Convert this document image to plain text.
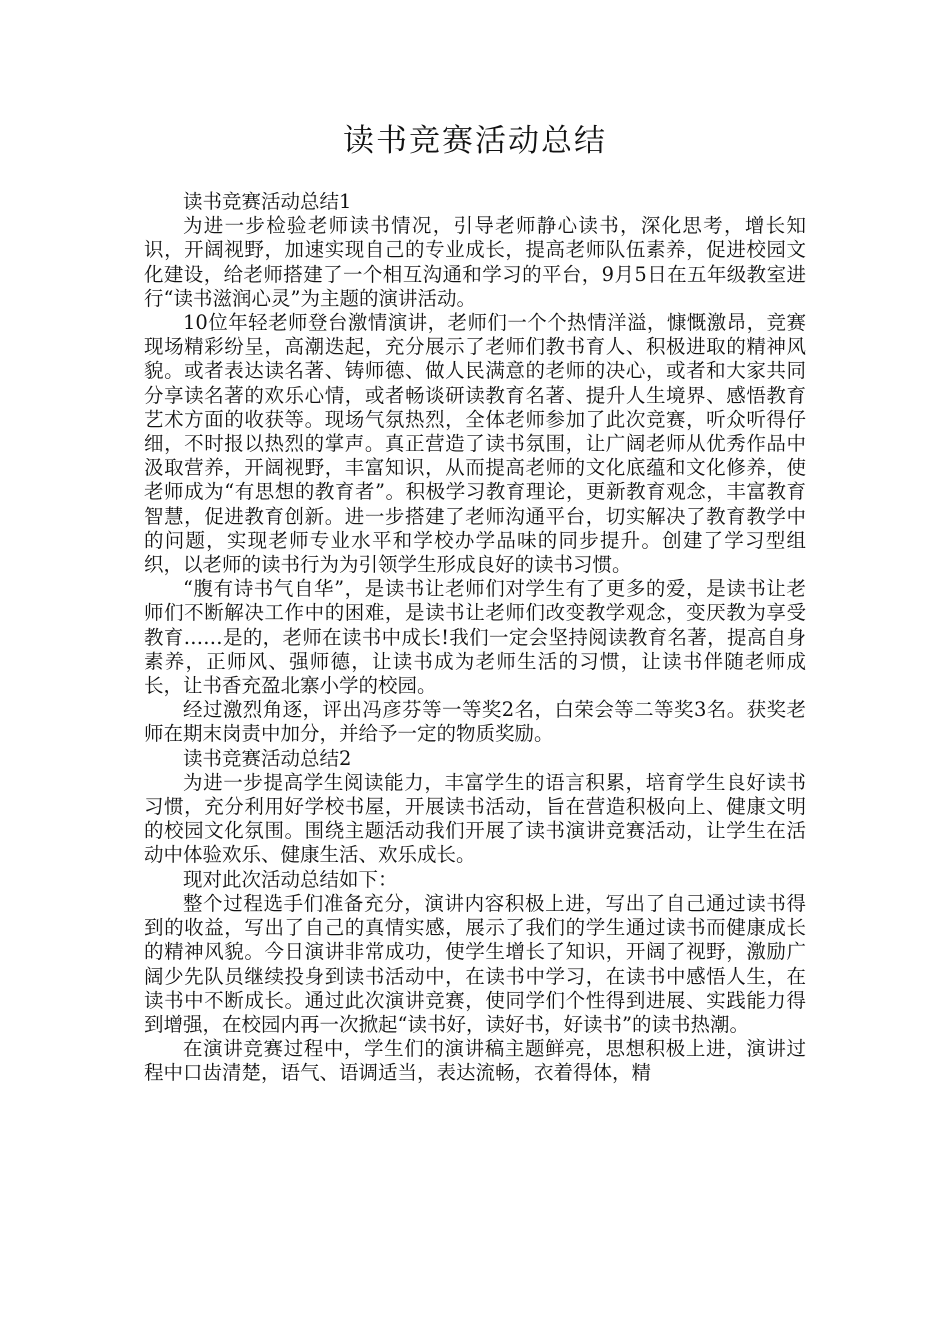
读书竞赛活动总结

读书竞赛活动总结1

为进一步检验老师读书情况，引导老师静心读书，深化思考，增长知识，开阔视野，加速实现自己的专业成长，提高老师队伍素养，促进校园文化建设，给老师搭建了一个相互沟通和学习的平台，9月5日在五年级教室进行“读书滋润心灵”为主题的演讲活动。

10位年轻老师登台激情演讲，老师们一个个热情洋溢，慷慨激昂，竞赛现场精彩纷呈，高潮迭起，充分展示了老师们教书育人、积极进取的精神风貌。或者表达读名著、铸师德、做人民满意的老师的决心，或者和大家共同分享读名著的欢乐心情，或者畅谈研读教育名著、提升人生境界、感悟教育艺术方面的收获等。现场气氛热烈，全体老师参加了此次竞赛，听众听得仔细，不时报以热烈的掌声。真正营造了读书氛围，让广阔老师从优秀作品中汲取营养，开阔视野，丰富知识，从而提高老师的文化底蕴和文化修养，使老师成为“有思想的教育者”。积极学习教育理论，更新教育观念，丰富教育智慧，促进教育创新。进一步搭建了老师沟通平台，切实解决了教育教学中的问题，实现老师专业水平和学校办学品味的同步提升。创建了学习型组织，以老师的读书行为为引领学生形成良好的读书习惯。

“腹有诗书气自华”，是读书让老师们对学生有了更多的爱，是读书让老师们不断解决工作中的困难，是读书让老师们改变教学观念，变厌教为享受教育……是的，老师在读书中成长!我们一定会坚持阅读教育名著，提高自身素养，正师风、强师德，让读书成为老师生活的习惯，让读书伴随老师成长，让书香充盈北寨小学的校园。

经过激烈角逐，评出冯彦芬等一等奖2名，白荣会等二等奖3名。获奖老师在期末岗责中加分，并给予一定的物质奖励。

读书竞赛活动总结2

为进一步提高学生阅读能力，丰富学生的语言积累，培育学生良好读书习惯，充分利用好学校书屋，开展读书活动，旨在营造积极向上、健康文明的校园文化氛围。围绕主题活动我们开展了读书演讲竞赛活动，让学生在活动中体验欢乐、健康生活、欢乐成长。

现对此次活动总结如下：

整个过程选手们准备充分，演讲内容积极上进，写出了自己通过读书得到的收益，写出了自己的真情实感，展示了我们的学生通过读书而健康成长的精神风貌。今日演讲非常成功，使学生增长了知识，开阔了视野，激励广阔少先队员继续投身到读书活动中，在读书中学习，在读书中感悟人生，在读书中不断成长。通过此次演讲竞赛，使同学们个性得到进展、实践能力得到增强，在校园内再一次掀起“读书好，读好书，好读书”的读书热潮。

在演讲竞赛过程中，学生们的演讲稿主题鲜亮，思想积极上进，演讲过程中口齿清楚，语气、语调适当，表达流畅，衣着得体，精
